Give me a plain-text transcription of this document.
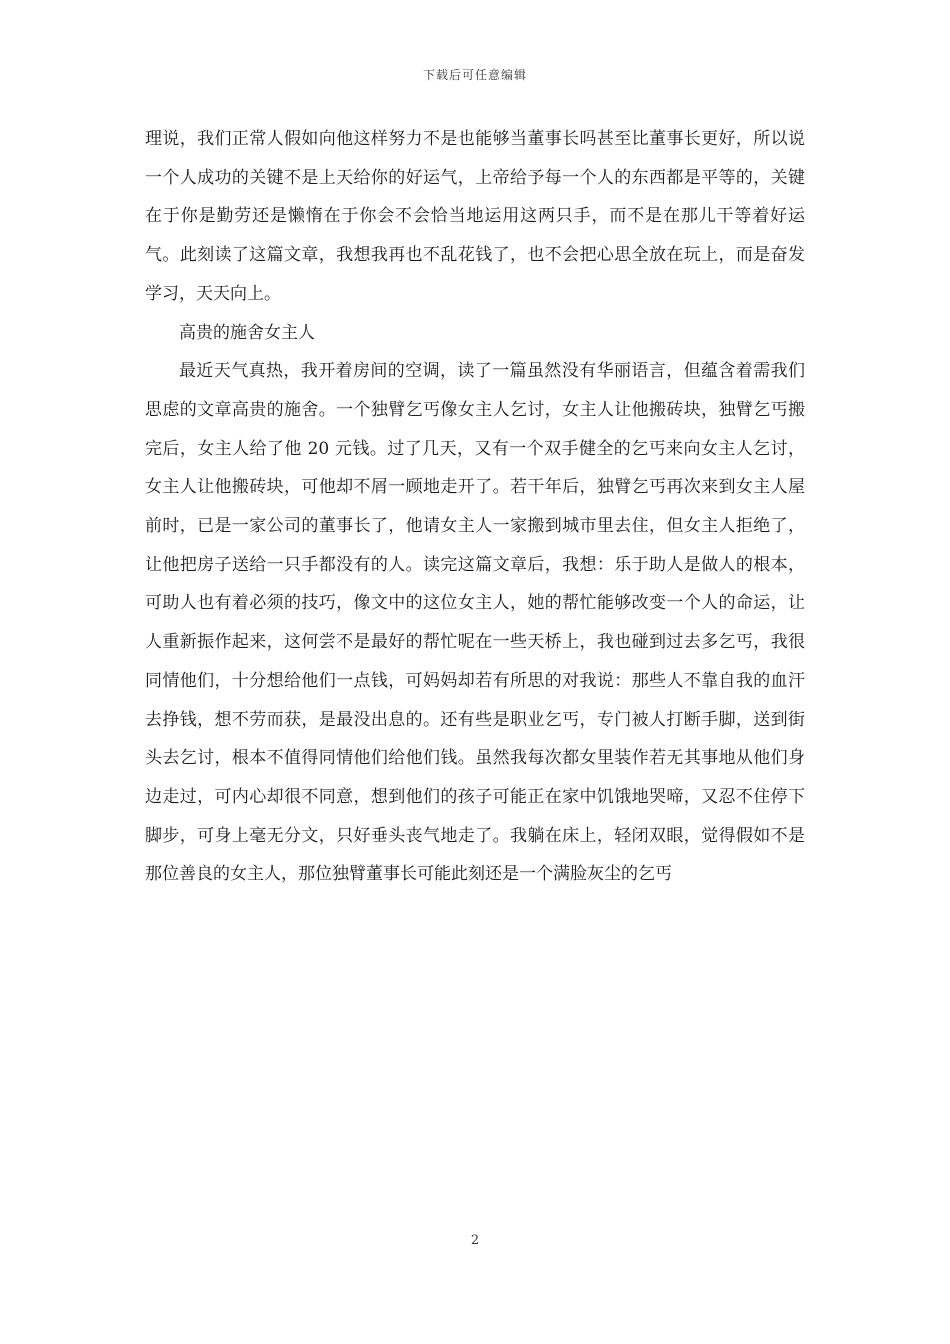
下载后可任意编辑

理说，我们正常人假如向他这样努力不是也能够当董事长吗甚至比董事长更好，所以说一个人成功的关键不是上天给你的好运气，上帝给予每一个人的东西都是平等的，关键在于你是勤劳还是懒惰在于你会不会恰当地运用这两只手，而不是在那儿干等着好运气。此刻读了这篇文章，我想我再也不乱花钱了，也不会把心思全放在玩上，而是奋发学习，天天向上。

高贵的施舍女主人

最近天气真热，我开着房间的空调，读了一篇虽然没有华丽语言，但蕴含着需我们思虑的文章高贵的施舍。一个独臂乞丐像女主人乞讨，女主人让他搬砖块，独臂乞丐搬完后，女主人给了他 20 元钱。过了几天，又有一个双手健全的乞丐来向女主人乞讨，女主人让他搬砖块，可他却不屑一顾地走开了。若干年后，独臂乞丐再次来到女主人屋前时，已是一家公司的董事长了，他请女主人一家搬到城市里去住，但女主人拒绝了，让他把房子送给一只手都没有的人。读完这篇文章后，我想：乐于助人是做人的根本，可助人也有着必须的技巧，像文中的这位女主人，她的帮忙能够改变一个人的命运，让人重新振作起来，这何尝不是最好的帮忙呢在一些天桥上，我也碰到过去多乞丐，我很同情他们，十分想给他们一点钱，可妈妈却若有所思的对我说：那些人不靠自我的血汗去挣钱，想不劳而获，是最没出息的。还有些是职业乞丐，专门被人打断手脚，送到街头去乞讨，根本不值得同情他们给他们钱。虽然我每次都女里装作若无其事地从他们身边走过，可内心却很不同意，想到他们的孩子可能正在家中饥饿地哭啼，又忍不住停下脚步，可身上毫无分文，只好垂头丧气地走了。我躺在床上，轻闭双眼，觉得假如不是那位善良的女主人，那位独臂董事长可能此刻还是一个满脸灰尘的乞丐

2
